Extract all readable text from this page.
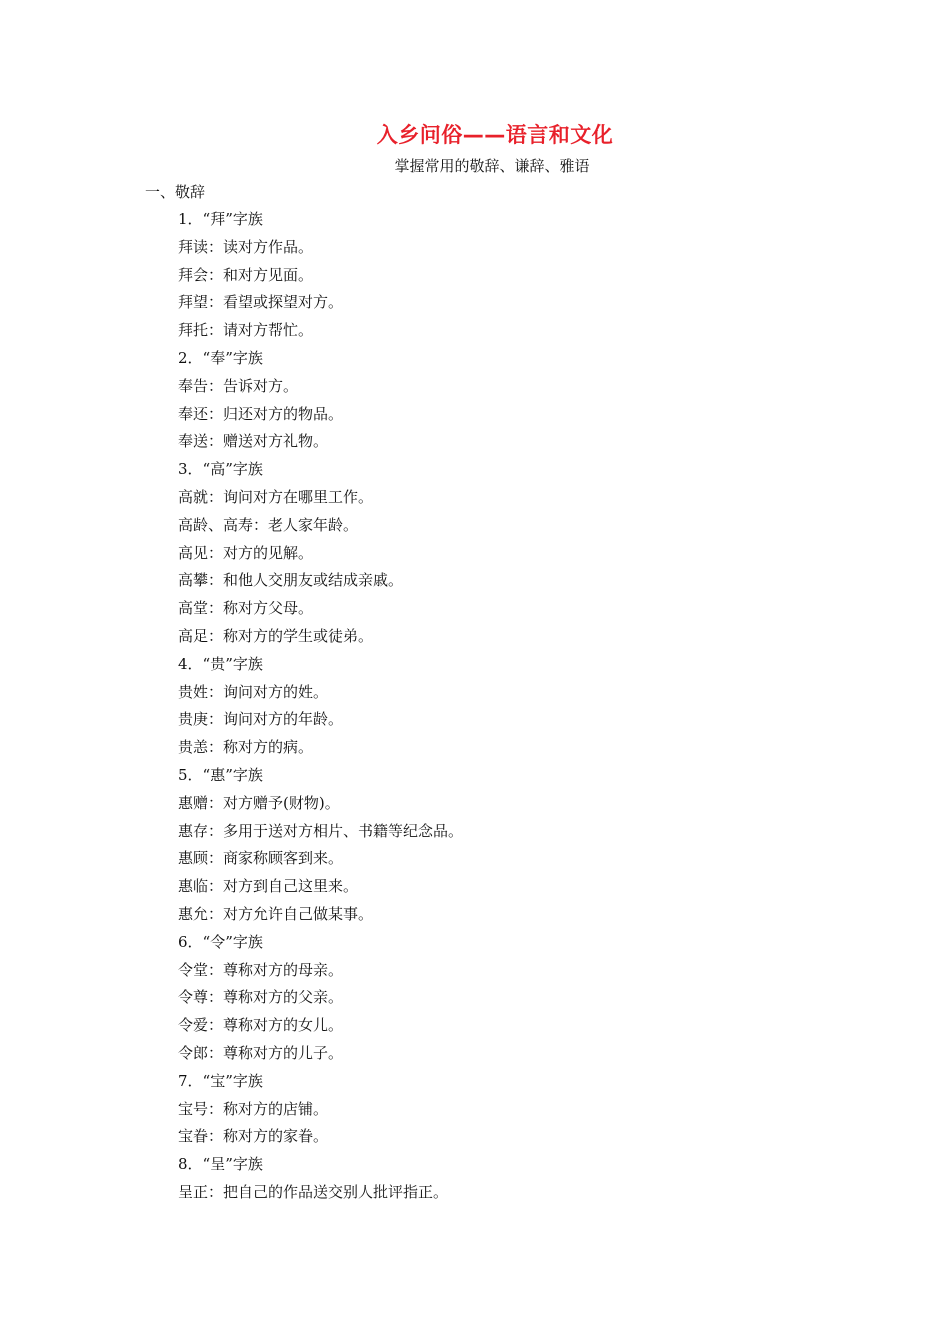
入乡问俗——语言和文化
掌握常用的敬辞、谦辞、雅语
一、敬辞
1．“拜”字族
拜读：读对方作品。
拜会：和对方见面。
拜望：看望或探望对方。
拜托：请对方帮忙。
2．“奉”字族
奉告：告诉对方。
奉还：归还对方的物品。
奉送：赠送对方礼物。
3．“高”字族
高就：询问对方在哪里工作。
高龄、高寿：老人家年龄。
高见：对方的见解。
高攀：和他人交朋友或结成亲戚。
高堂：称对方父母。
高足：称对方的学生或徒弟。
4．“贵”字族
贵姓：询问对方的姓。
贵庚：询问对方的年龄。
贵恙：称对方的病。
5．“惠”字族
惠赠：对方赠予(财物)。
惠存：多用于送对方相片、书籍等纪念品。
惠顾：商家称顾客到来。
惠临：对方到自己这里来。
惠允：对方允许自己做某事。
6．“令”字族
令堂：尊称对方的母亲。
令尊：尊称对方的父亲。
令爱：尊称对方的女儿。
令郎：尊称对方的儿子。
7．“宝”字族
宝号：称对方的店铺。
宝眷：称对方的家眷。
8．“呈”字族
呈正：把自己的作品送交别人批评指正。
